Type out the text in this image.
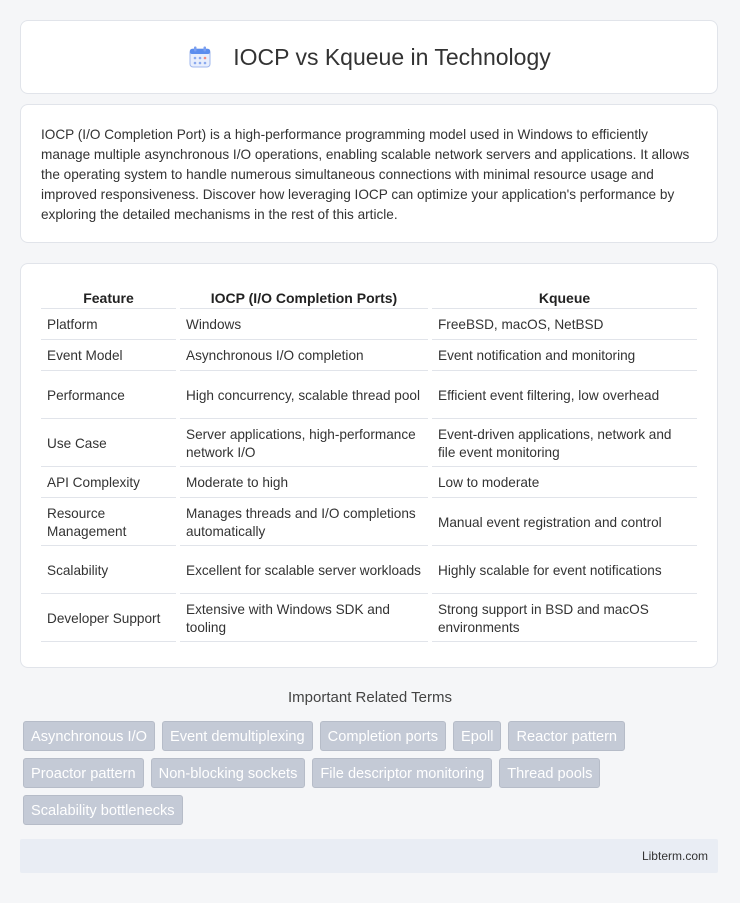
IOCP vs Kqueue in Technology

IOCP (I/O Completion Port) is a high-performance programming model used in Windows to efficiently manage multiple asynchronous I/O operations, enabling scalable network servers and applications. It allows the operating system to handle numerous simultaneous connections with minimal resource usage and improved responsiveness. Discover how leveraging IOCP can optimize your application's performance by exploring the detailed mechanisms in the rest of this article.

Feature	IOCP (I/O Completion Ports)	Kqueue
Platform	Windows	FreeBSD, macOS, NetBSD
Event Model	Asynchronous I/O completion	Event notification and monitoring
Performance	High concurrency, scalable thread pool	Efficient event filtering, low overhead
Use Case	Server applications, high-performance network I/O	Event-driven applications, network and file event monitoring
API Complexity	Moderate to high	Low to moderate
Resource Management	Manages threads and I/O completions automatically	Manual event registration and control
Scalability	Excellent for scalable server workloads	Highly scalable for event notifications
Developer Support	Extensive with Windows SDK and tooling	Strong support in BSD and macOS environments
Important Related Terms
Asynchronous I/O	Event demultiplexing	Completion ports	Epoll	Reactor pattern
Proactor pattern	Non-blocking sockets	File descriptor monitoring	Thread pools
Scalability bottlenecks
Libterm.com
